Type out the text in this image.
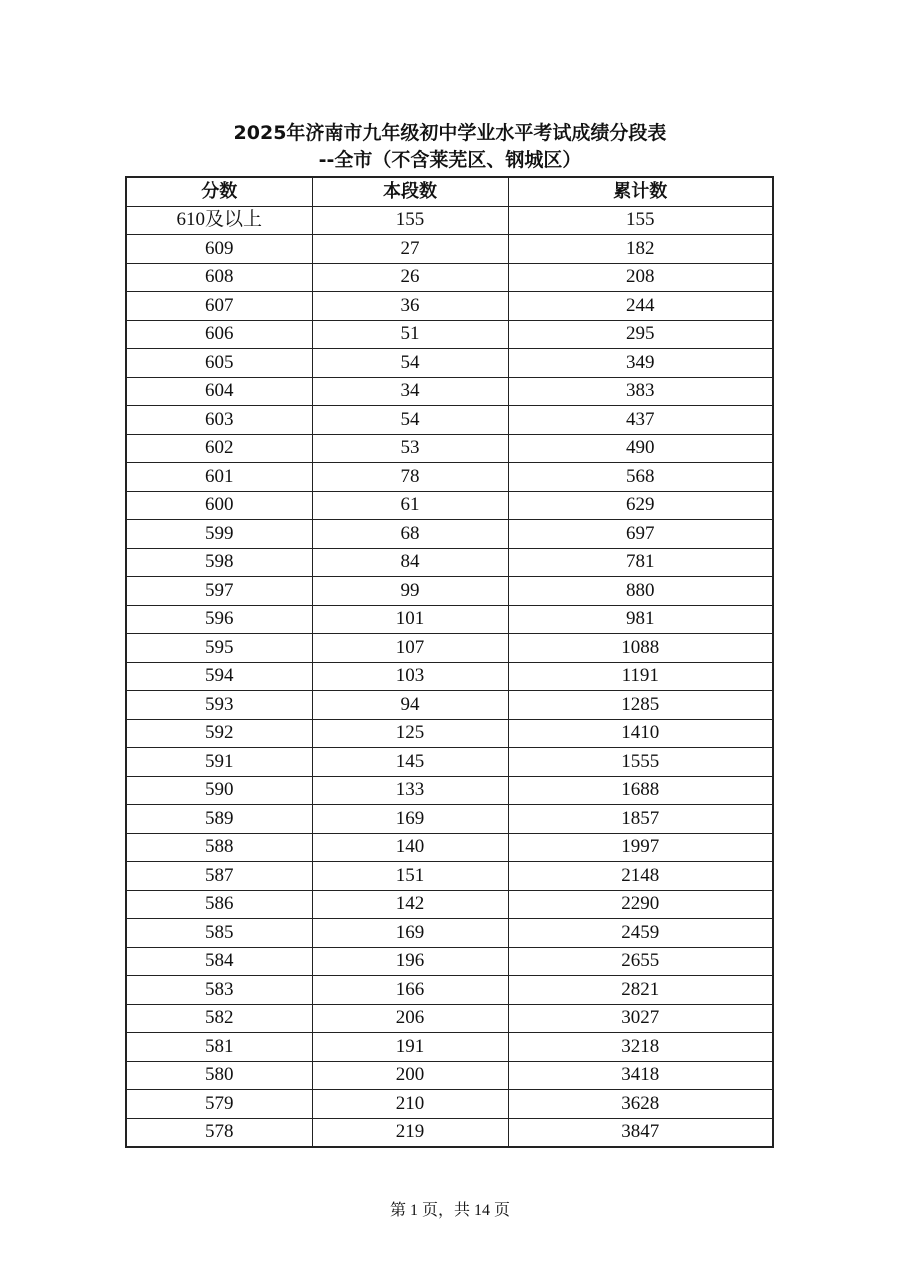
2025年济南市九年级初中学业水平考试成绩分段表
--全市（不含莱芜区、钢城区）
分数	本段数	累计数
610及以上	155	155
609	27	182
608	26	208
607	36	244
606	51	295
605	54	349
604	34	383
603	54	437
602	53	490
601	78	568
600	61	629
599	68	697
598	84	781
597	99	880
596	101	981
595	107	1088
594	103	1191
593	94	1285
592	125	1410
591	145	1555
590	133	1688
589	169	1857
588	140	1997
587	151	2148
586	142	2290
585	169	2459
584	196	2655
583	166	2821
582	206	3027
581	191	3218
580	200	3418
579	210	3628
578	219	3847
第 1 页，共 14 页
